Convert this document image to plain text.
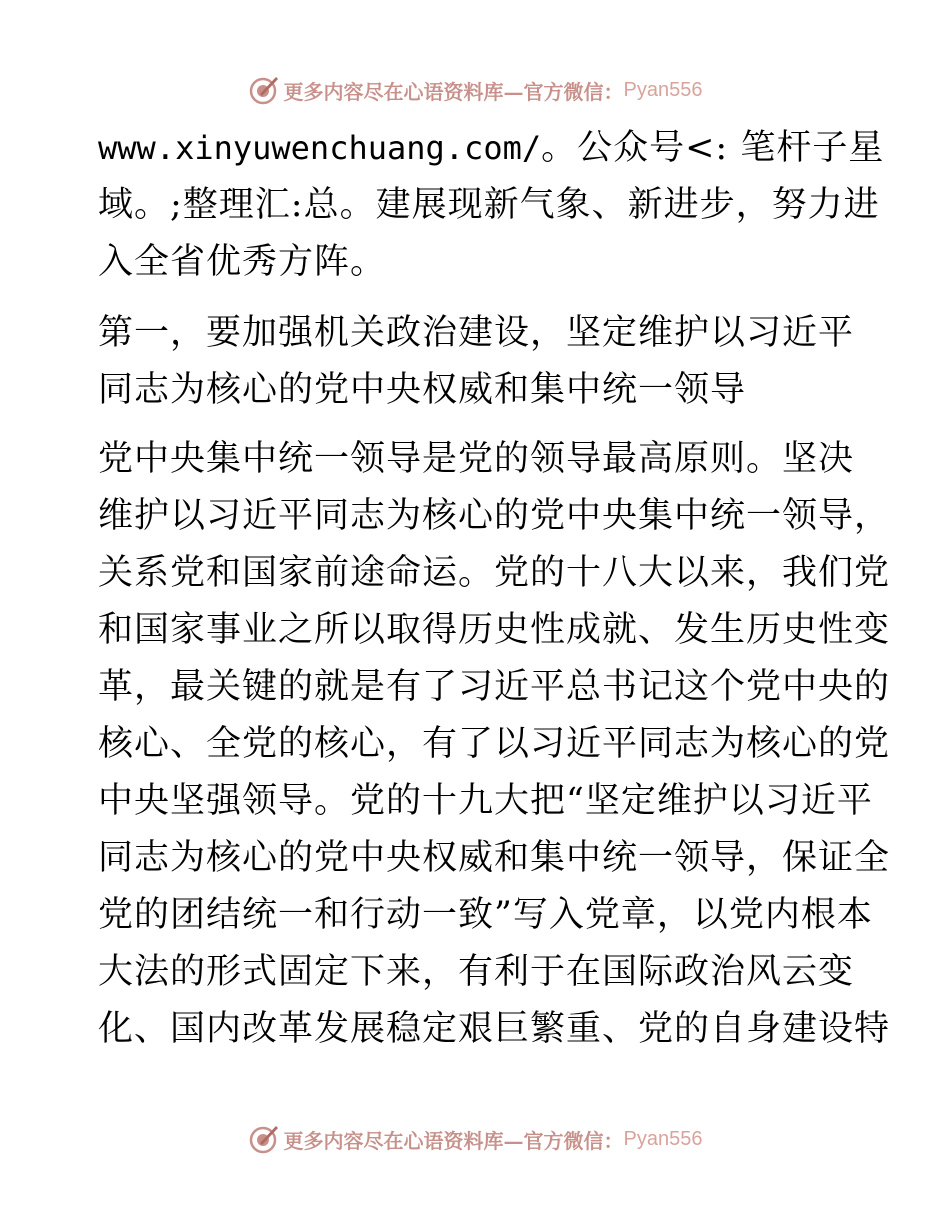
更多内容尽在心语资料库—官方微信： Pyan556
www.xinyuwenchuang.com/。公众号<: 笔杆子星
域。;整理汇:总。建展现新气象、新进步，努力进
入全省优秀方阵。
第一，要加强机关政治建设，坚定维护以习近平
同志为核心的党中央权威和集中统一领导
党中央集中统一领导是党的领导最高原则。坚决
维护以习近平同志为核心的党中央集中统一领导，
关系党和国家前途命运。党的十八大以来，我们党
和国家事业之所以取得历史性成就、发生历史性变
革，最关键的就是有了习近平总书记这个党中央的
核心、全党的核心，有了以习近平同志为核心的党
中央坚强领导。党的十九大把“坚定维护以习近平
同志为核心的党中央权威和集中统一领导，保证全
党的团结统一和行动一致”写入党章，以党内根本
大法的形式固定下来，有利于在国际政治风云变
化、国内改革发展稳定艰巨繁重、党的自身建设特
更多内容尽在心语资料库—官方微信： Pyan556
